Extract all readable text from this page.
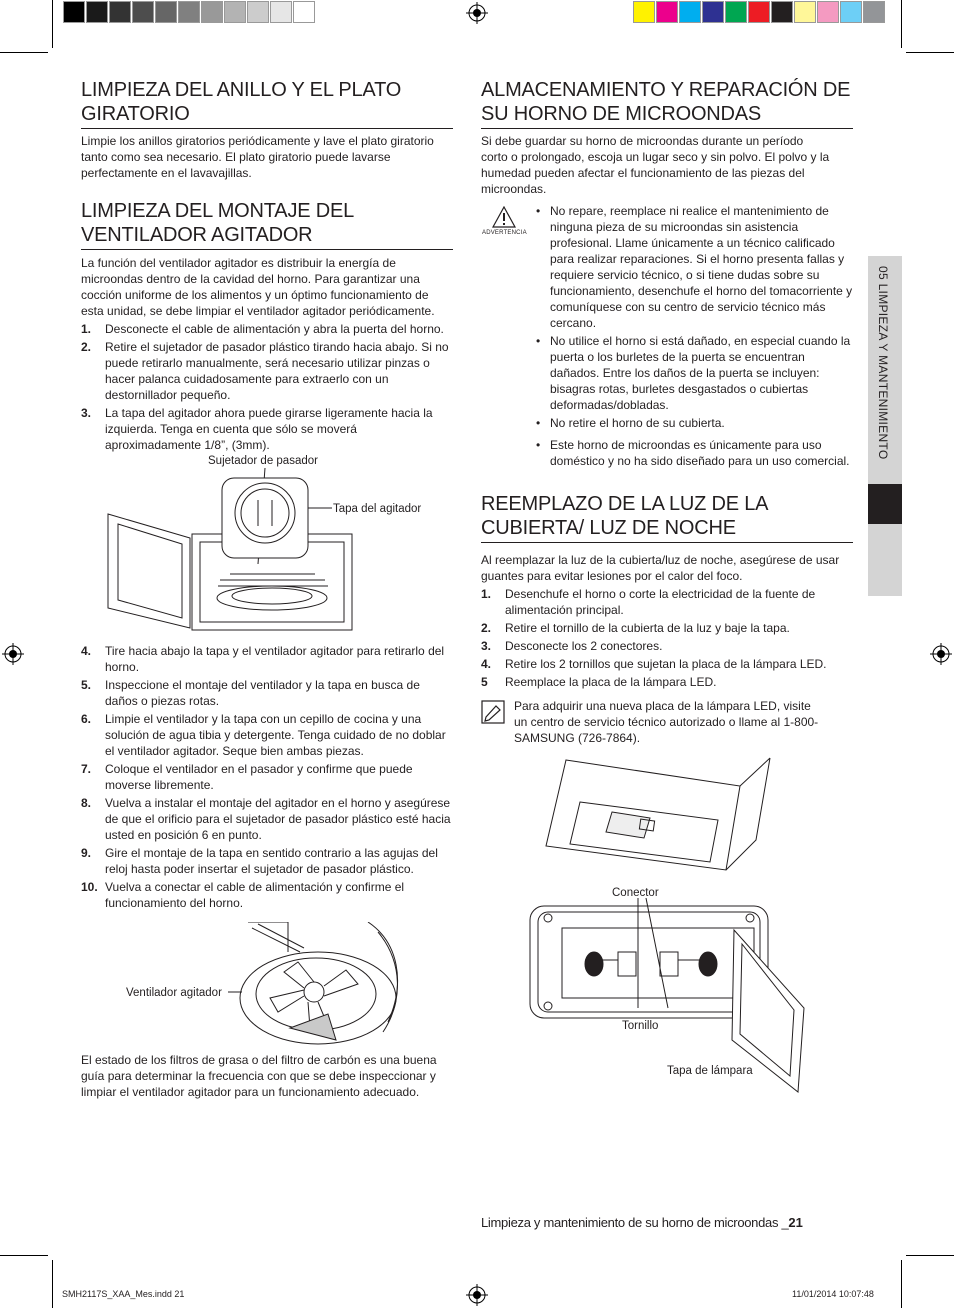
LIMPIEZA DEL ANILLO Y EL PLATO GIRATORIO

Limpie los anillos giratorios periódicamente y lave el plato giratorio tanto como sea necesario. El plato giratorio puede lavarse perfectamente en el lavavajillas.

LIMPIEZA DEL MONTAJE DEL VENTILADOR AGITADOR

La función del ventilador agitador es distribuir la energía de microondas dentro de la cavidad del horno. Para garantizar una cocción uniforme de los alimentos y un óptimo funcionamiento de esta unidad, se debe limpiar el ventilador agitador periódicamente.

1. Desconecte el cable de alimentación y abra la puerta del horno.
2. Retire el sujetador de pasador plástico tirando hacia abajo. Si no puede retirarlo manualmente, será necesario utilizar pinzas o hacer palanca cuidadosamente para extraerlo con un destornillador pequeño.
3. La tapa del agitador ahora puede girarse ligeramente hacia la izquierda. Tenga en cuenta que sólo se moverá aproximadamente 1/8”, (3mm).
Sujetador de pasador
Tapa del agitador
4. Tire hacia abajo la tapa y el ventilador agitador para retirarlo del horno.
5. Inspeccione el montaje del ventilador y la tapa en busca de daños o piezas rotas.
6. Limpie el ventilador y la tapa con un cepillo de cocina y una solución de agua tibia y detergente. Tenga cuidado de no doblar el ventilador agitador. Seque bien ambas piezas.
7. Coloque el ventilador en el pasador y confirme que puede moverse libremente.
8. Vuelva a instalar el montaje del agitador en el horno y asegúrese de que el orificio para el sujetador de pasador plástico esté hacia usted en posición 6 en punto.
9. Gire el montaje de la tapa en sentido contrario a las agujas del reloj hasta poder insertar el sujetador de pasador plástico.
10. Vuelva a conectar el cable de alimentación y confirme el funcionamiento del horno.
Ventilador agitador

El estado de los filtros de grasa o del filtro de carbón es una buena guía para determinar la frecuencia con que se debe inspeccionar y limpiar el ventilador agitador para un funcionamiento adecuado.

ALMACENAMIENTO Y REPARACIÓN DE SU HORNO DE MICROONDAS

Si debe guardar su horno de microondas durante un período corto o prolongado, escoja un lugar seco y sin polvo. El polvo y la humedad pueden afectar el funcionamiento de las piezas del microondas.

ADVERTENCIA
• No repare, reemplace ni realice el mantenimiento de ninguna pieza de su microondas sin asistencia profesional. Llame únicamente a un técnico calificado para realizar reparaciones. Si el horno presenta fallas y requiere servicio técnico, o si tiene dudas sobre su funcionamiento, desenchufe el horno del tomacorriente y comuníquese con su centro de servicio técnico más cercano.
• No utilice el horno si está dañado, en especial cuando la puerta o los burletes de la puerta se encuentran dañados. Entre los daños de la puerta se incluyen: bisagras rotas, burletes desgastados o cubiertas deformadas/dobladas.
• No retire el horno de su cubierta.
• Este horno de microondas es únicamente para uso doméstico y no ha sido diseñado para un uso comercial.
REEMPLAZO DE LA LUZ DE LA CUBIERTA/ LUZ DE NOCHE

Al reemplazar la luz de la cubierta/luz de noche, asegúrese de usar guantes para evitar lesiones por el calor del foco.

1. Desenchufe el horno o corte la electricidad de la fuente de alimentación principal.
2. Retire el tornillo de la cubierta de la luz y baje la tapa.
3. Desconecte los 2 conectores.
4. Retire los 2 tornillos que sujetan la placa de la lámpara LED.
5 Reemplace la placa de la lámpara LED.

Para adquirir una nueva placa de la lámpara LED, visite un centro de servicio técnico autorizado o llame al 1-800-SAMSUNG (726-7864).

Conector
Tornillo
Tapa de lámpara
05 LIMPIEZA Y MANTENIMIENTO
Limpieza y mantenimiento de su horno de microondas _21
SMH2117S_XAA_Mes.indd 21	11/01/2014 10:07:48
